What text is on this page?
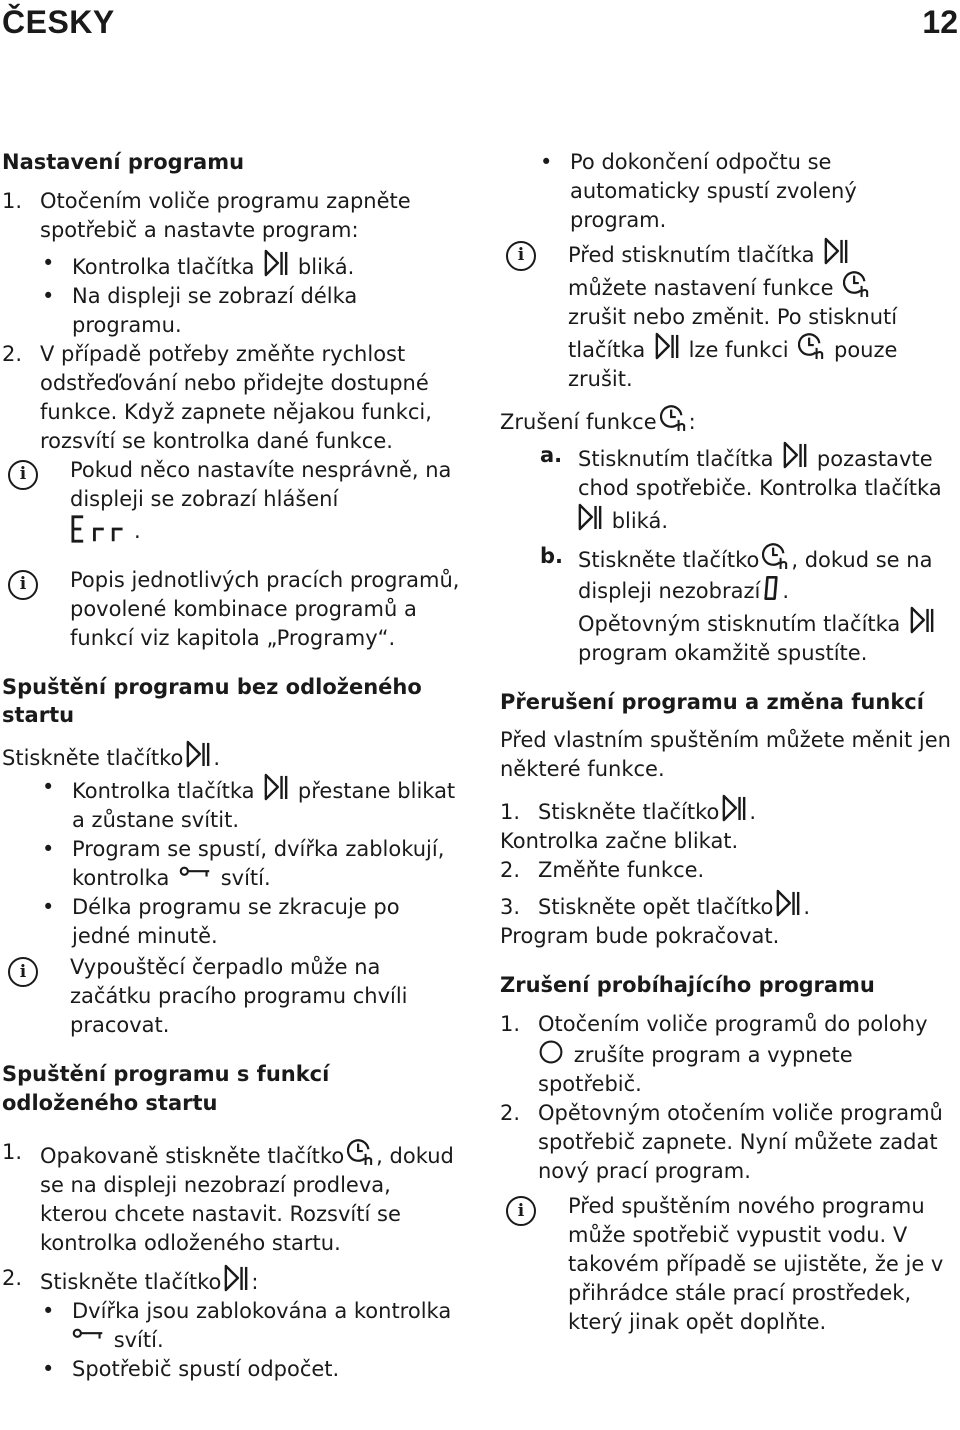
ČESKY	12
Nastavení programu
1. Otočením voliče programu zapněte spotřebič a nastavte program:
• Kontrolka tlačítka bliká.
• Na displeji se zobrazí délka programu.
2. V případě potřeby změňte rychlost odstřeďování nebo přidejte dostupné funkce. Když zapnete nějakou funkci, rozsvítí se kontrolka dané funkce.
i	Pokud něco nastavíte nesprávně, na displeji se zobrazí hlášení
.
i	Popis jednotlivých pracích programů, povolené kombinace programů a funkcí viz kapitola „Programy“.
Spuštění programu bez odloženého startu

Stiskněte tlačítko .

• Kontrolka tlačítka přestane blikat a zůstane svítit.
• Program se spustí, dvířka zablokují, kontrolka svítí.
• Délka programu se zkracuje po jedné minutě.
i	Vypouštěcí čerpadlo může na začátku pracího programu chvíli pracovat.
Spuštění programu s funkcí odloženého startu
1. Opakovaně stiskněte tlačítko , dokud se na displeji nezobrazí prodleva, kterou chcete nastavit. Rozsvítí se kontrolka odloženého startu.
2. Stiskněte tlačítko :
• Dvířka jsou zablokována a kontrolka
svítí.
• Spotřebič spustí odpočet.
• Po dokončení odpočtu se automaticky spustí zvolený program.
i	Před stisknutím tlačítka
můžete nastavení funkce
zrušit nebo změnit. Po stisknutí tlačítka lze funkci pouze zrušit.

Zrušení funkce :

a. Stisknutím tlačítka pozastavte chod spotřebiče. Kontrolka tlačítka
bliká.
b. Stiskněte tlačítko , dokud se na displeji nezobrazí .
Opětovným stisknutím tlačítka  program okamžitě spustíte.
Přerušení programu a změna funkcí

Před vlastním spuštěním můžete měnit jen některé funkce.

1. Stiskněte tlačítko .

Kontrolka začne blikat.

2. Změňte funkce.

3. Stiskněte opět tlačítko .

Program bude pokračovat.

Zrušení probíhajícího programu
1. Otočením voliče programů do polohy
zrušíte program a vypnete spotřebič.
2. Opětovným otočením voliče programů spotřebič zapnete. Nyní můžete zadat nový prací program.
i	Před spuštěním nového programu může spotřebič vypustit vodu. V takovém případě se ujistěte, že je v přihrádce stále prací prostředek, který jinak opět doplňte.
